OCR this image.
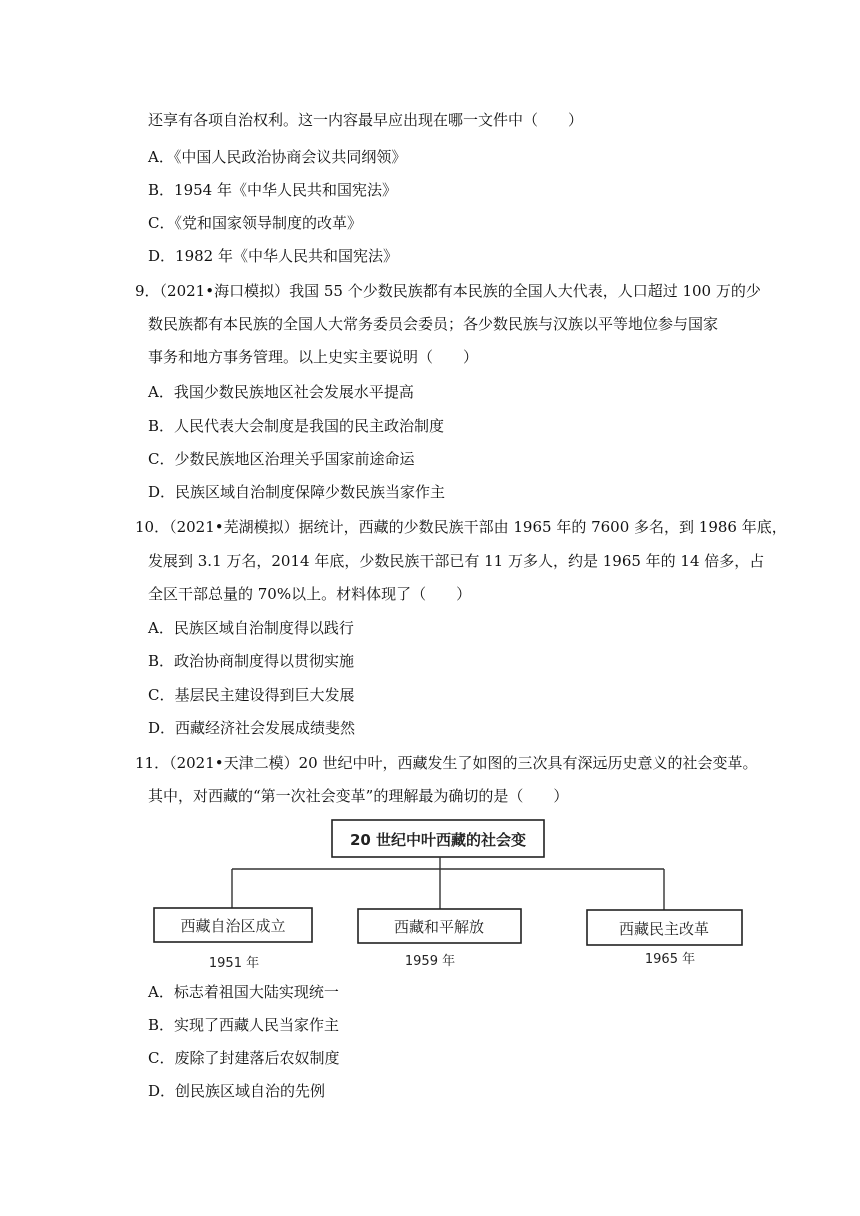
还享有各项自治权利。这一内容最早应出现在哪一文件中（　　）
A．《中国人民政治协商会议共同纲领》
B．1954 年《中华人民共和国宪法》
C．《党和国家领导制度的改革》
D．1982 年《中华人民共和国宪法》
9．（2021•海口模拟）我国 55 个少数民族都有本民族的全国人大代表，人口超过 100 万的少
数民族都有本民族的全国人大常务委员会委员；各少数民族与汉族以平等地位参与国家
事务和地方事务管理。以上史实主要说明（　　）
A．我国少数民族地区社会发展水平提高
B．人民代表大会制度是我国的民主政治制度
C．少数民族地区治理关乎国家前途命运
D．民族区域自治制度保障少数民族当家作主
10．（2021•芜湖模拟）据统计，西藏的少数民族干部由 1965 年的 7600 多名，到 1986 年底，
发展到 3.1 万名，2014 年底，少数民族干部已有 11 万多人，约是 1965 年的 14 倍多，占
全区干部总量的 70%以上。材料体现了（　　）
A．民族区域自治制度得以践行
B．政治协商制度得以贯彻实施
C．基层民主建设得到巨大发展
D．西藏经济社会发展成绩斐然
11．（2021•天津二模）20 世纪中叶，西藏发生了如图的三次具有深远历史意义的社会变革。
其中，对西藏的“第一次社会变革”的理解最为确切的是（　　）
20 世纪中叶西藏的社会变
西藏自治区成立	西藏和平解放	西藏民主改革
1951 年	1959 年	1965 年
A．标志着祖国大陆实现统一
B．实现了西藏人民当家作主
C．废除了封建落后农奴制度
D．创民族区域自治的先例
